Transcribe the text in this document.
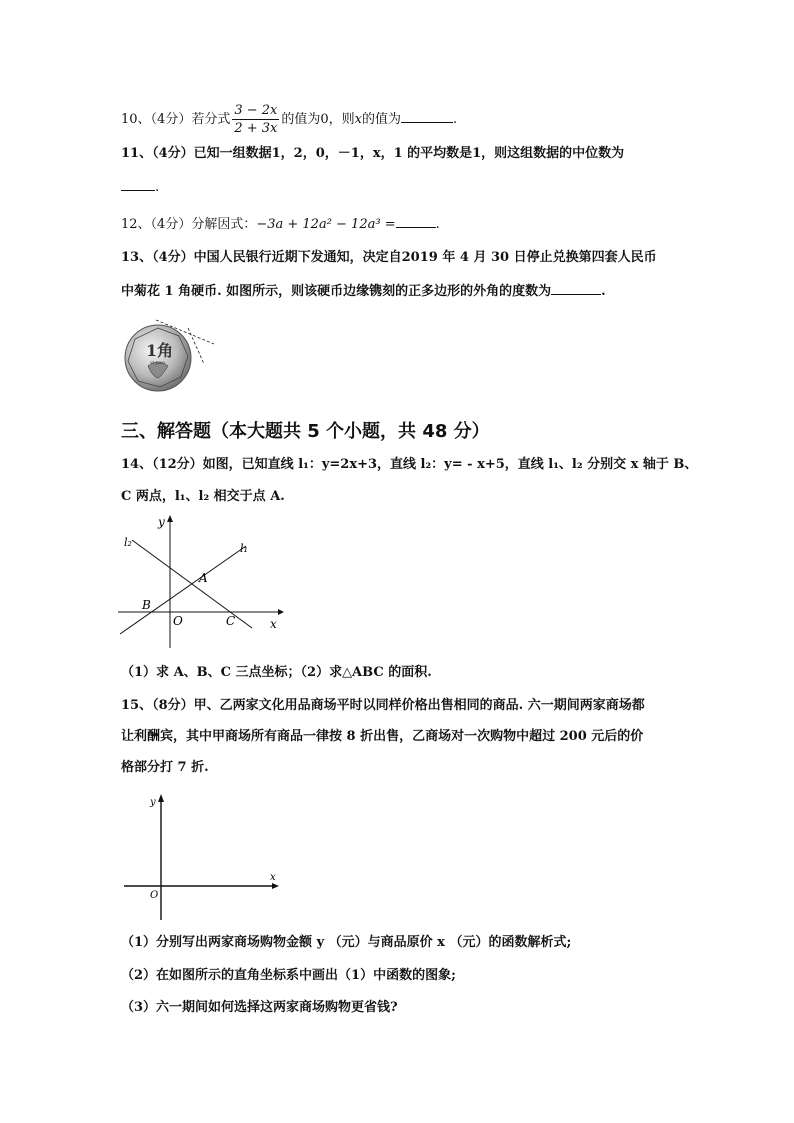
10、（4分）若分式 $\frac{3 - 2x}{2 + 3x}$ 的值为0，则x的值为	.
11、（4分）已知一组数据1，2，0，－1，x，1 的平均数是1，则这组数据的中位数为
.
12、（4分）分解因式：−3a + 12a² − 12a³ =	.
13、（4分）中国人民银行近期下发通知，决定自2019 年 4 月 30 日停止兑换第四套人民币
中菊花 1 角硬币. 如图所示，则该硬币边缘镌刻的正多边形的外角的度数为	.
1角
YI JIAO
三、解答题（本大题共 5 个小题，共 48 分）
14、（12分）如图，已知直线 l₁：y=2x+3，直线 l₂：y= - x+5，直线 l₁、l₂ 分别交 x 轴于 B、
C 两点，l₁、l₂ 相交于点 A.
y
x
O
A
B
C
l₁
l₂
（1）求 A、B、C 三点坐标；（2）求△ABC 的面积.
15、（8分）甲、乙两家文化用品商场平时以同样价格出售相同的商品. 六一期间两家商场都
让利酬宾，其中甲商场所有商品一律按 8 折出售，乙商场对一次购物中超过 200 元后的价
格部分打 7 折.
y
x
O
（1）分别写出两家商场购物金额 y （元）与商品原价 x （元）的函数解析式;
（2）在如图所示的直角坐标系中画出（1）中函数的图象;
（3）六一期间如何选择这两家商场购物更省钱?
